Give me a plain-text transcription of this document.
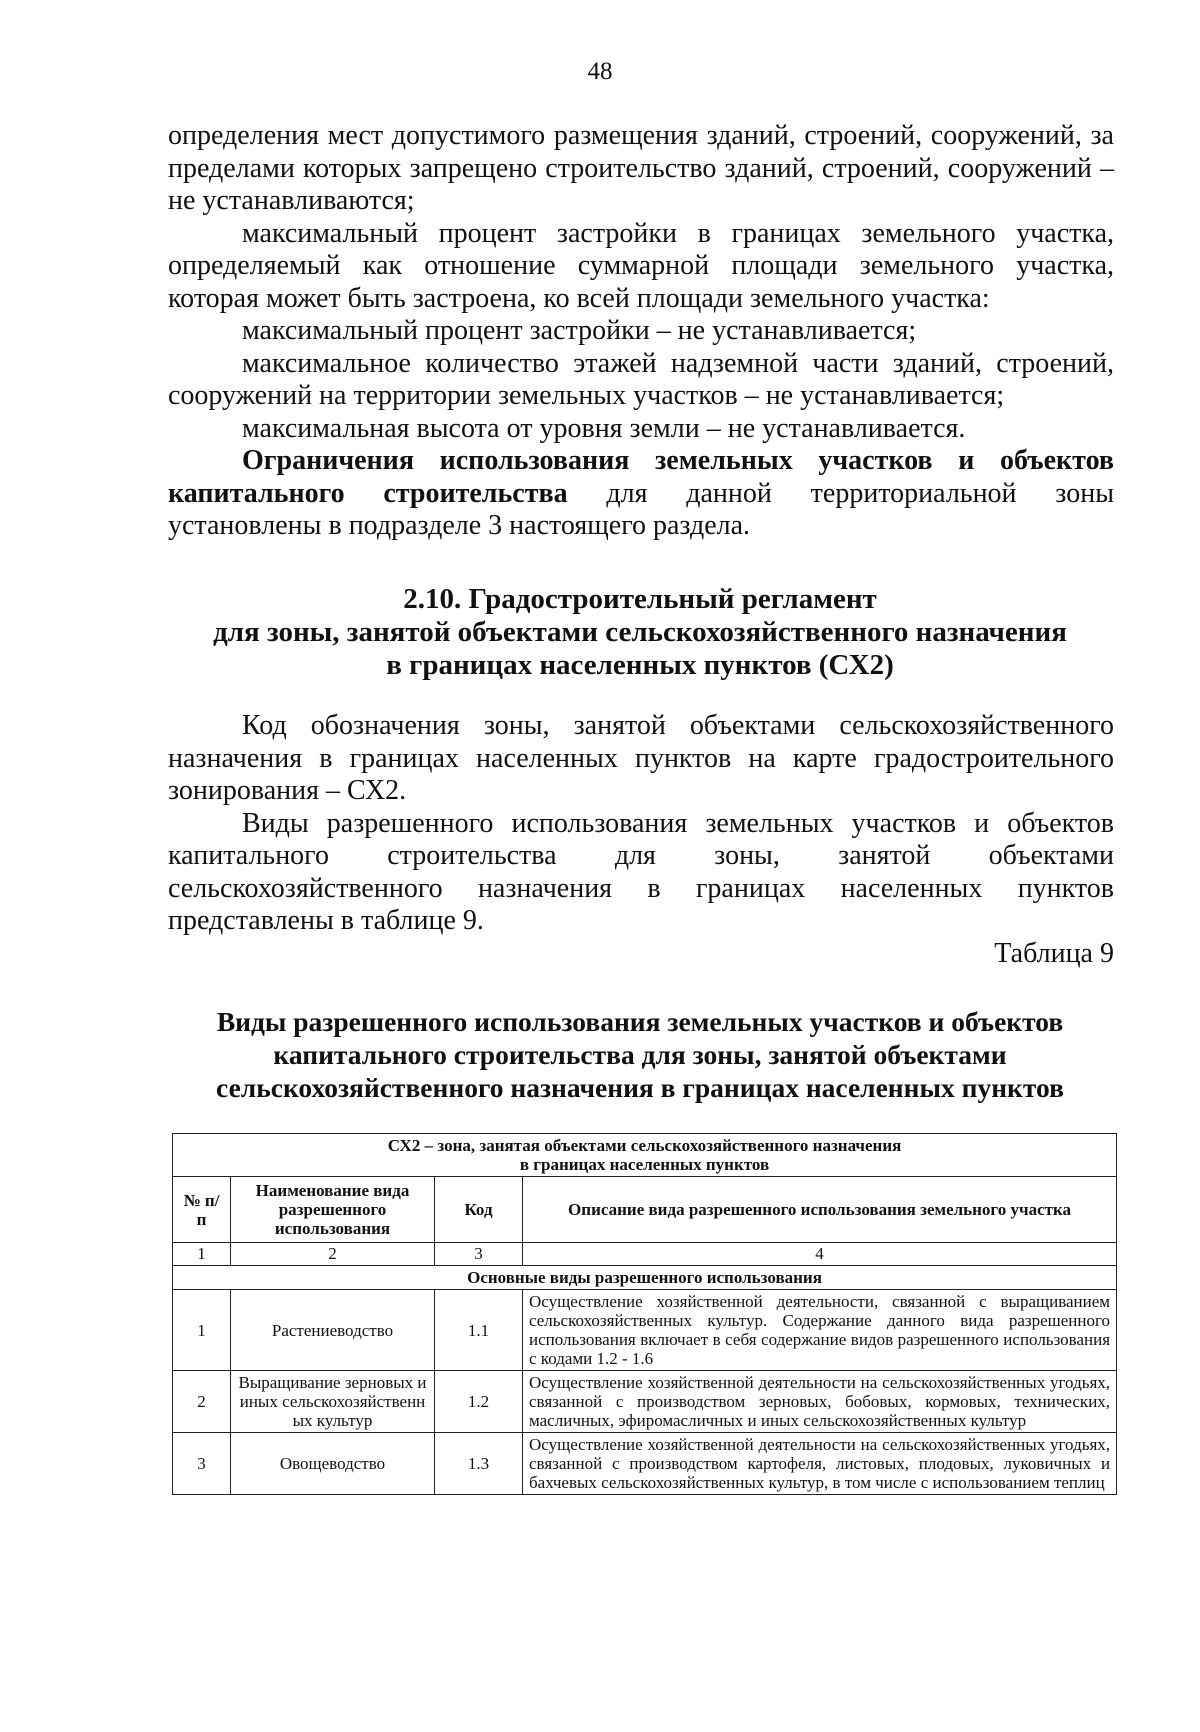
48

определения мест допустимого размещения зданий, строений, сооружений, за пределами которых запрещено строительство зданий, строений, сооружений – не устанавливаются;

максимальный процент застройки в границах земельного участка, определяемый как отношение суммарной площади земельного участка, которая может быть застроена, ко всей площади земельного участка:

максимальный процент застройки – не устанавливается;

максимальное количество этажей надземной части зданий, строений, сооружений на территории земельных участков – не устанавливается;

максимальная высота от уровня земли – не устанавливается.

Ограничения использования земельных участков и объектов капитального строительства для данной территориальной зоны установлены в подразделе 3 настоящего раздела.

2.10. Градостроительный регламент
для зоны, занятой объектами сельскохозяйственного назначения
в границах населенных пунктов (СХ2)

Код обозначения зоны, занятой объектами сельскохозяйственного назначения в границах населенных пунктов на карте градостроительного зонирования – СХ2.

Виды разрешенного использования земельных участков и объектов капитального строительства для зоны, занятой объектами сельскохозяйственного назначения в границах населенных пунктов представлены в таблице 9.

Таблица 9
Виды разрешенного использования земельных участков и объектов
капитального строительства для зоны, занятой объектами
сельскохозяйственного назначения в границах населенных пунктов
СХ2 – зона, занятая объектами сельскохозяйственного назначения
в границах населенных пунктов			

№ п/п	Наименование вида разрешенного использования	Код	Описание вида разрешенного использования земельного участка
1	2	3	4
Основные виды разрешенного использования			
1	Растениеводство	1.1	Осуществление хозяйственной деятельности, связанной с выращиванием сельскохозяйственных культур. Содержание данного вида разрешенного использования включает в себя содержание видов разрешенного использования с кодами 1.2 - 1.6
2	Выращивание зерновых и иных сельскохозяйственн ых культур	1.2	Осуществление хозяйственной деятельности на сельскохозяйственных угодьях, связанной с производством зерновых, бобовых, кормовых, технических, масличных, эфиромасличных и иных сельскохозяйственных культур
3	Овощеводство	1.3	Осуществление хозяйственной деятельности на сельскохозяйственных угодьях, связанной с производством картофеля, листовых, плодовых, луковичных и бахчевых сельскохозяйственных культур, в том числе с использованием теплиц
